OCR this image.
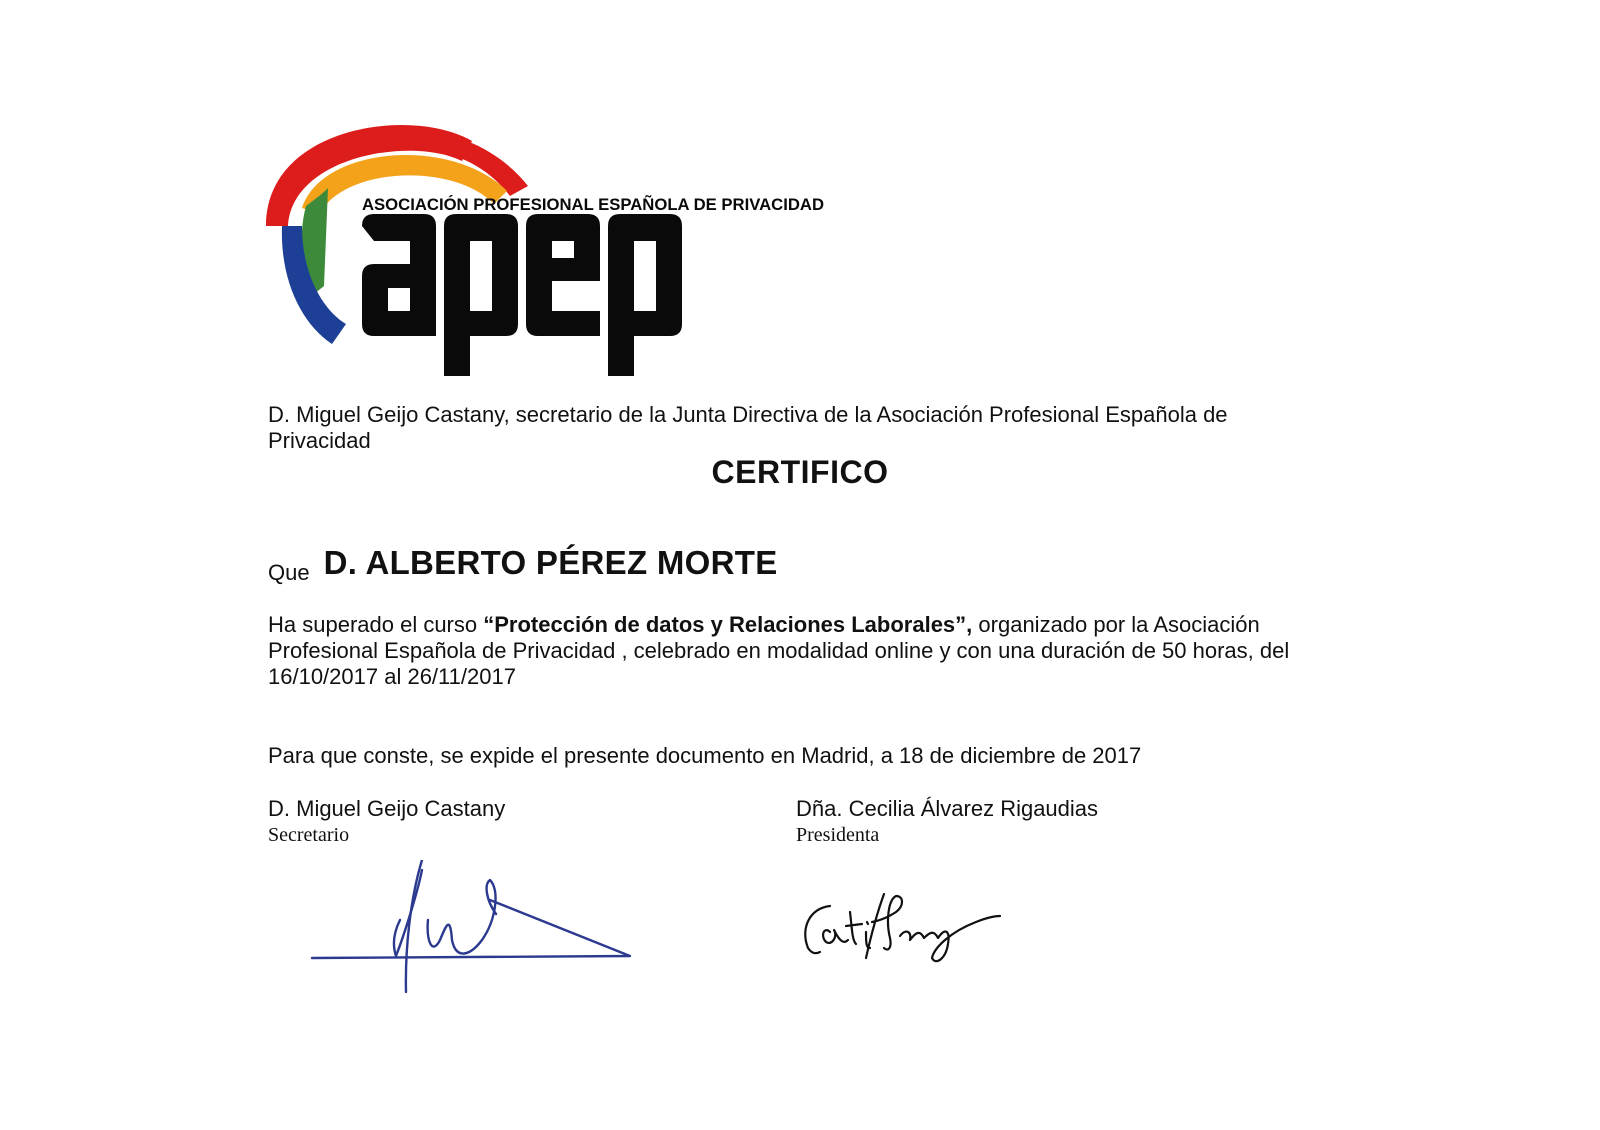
ASOCIACIÓN PROFESIONAL ESPAÑOLA DE PRIVACIDAD
D. Miguel Geijo Castany, secretario de la Junta Directiva de la Asociación Profesional Española de Privacidad
CERTIFICO
Que D. ALBERTO PÉREZ MORTE
Ha superado el curso “Protección de datos y Relaciones Laborales”, organizado por la Asociación Profesional Española de Privacidad , celebrado en modalidad online y con una duración de 50 horas, del 16/10/2017 al 26/11/2017
Para que conste, se expide el presente documento en Madrid, a 18 de diciembre de 2017
D. Miguel Geijo Castany
Secretario
Dña. Cecilia Álvarez Rigaudias
Presidenta
